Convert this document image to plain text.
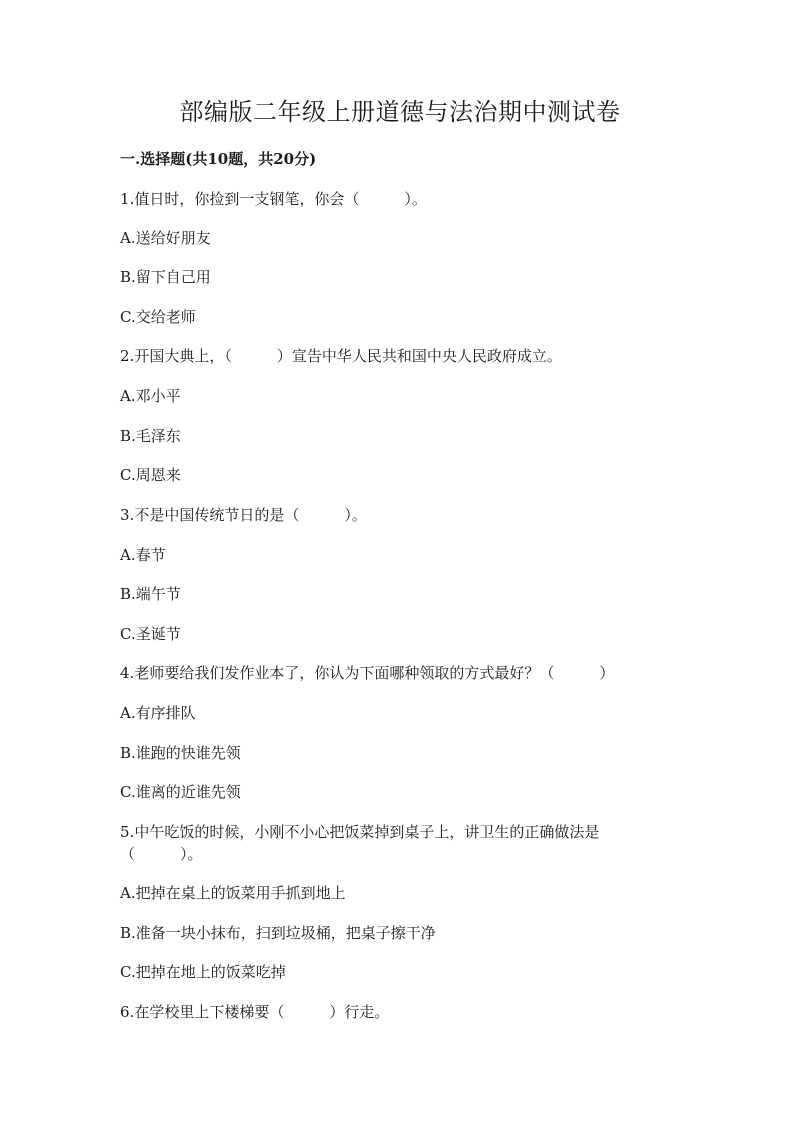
部编版二年级上册道德与法治期中测试卷
一.选择题(共10题，共20分)

1.值日时，你捡到一支钢笔，你会（　　　）。

A.送给好朋友

B.留下自己用

C.交给老师

2.开国大典上，（　　　）宣告中华人民共和国中央人民政府成立。

A.邓小平

B.毛泽东

C.周恩来

3.不是中国传统节日的是（　　　）。

A.春节

B.端午节

C.圣诞节

4.老师要给我们发作业本了，你认为下面哪种领取的方式最好？（　　　）

A.有序排队

B.谁跑的快谁先领

C.谁离的近谁先领

5.中午吃饭的时候，小刚不小心把饭菜掉到桌子上，讲卫生的正确做法是（　　　）。

A.把掉在桌上的饭菜用手抓到地上

B.准备一块小抹布，扫到垃圾桶，把桌子擦干净

C.把掉在地上的饭菜吃掉

6.在学校里上下楼梯要（　　　）行走。
